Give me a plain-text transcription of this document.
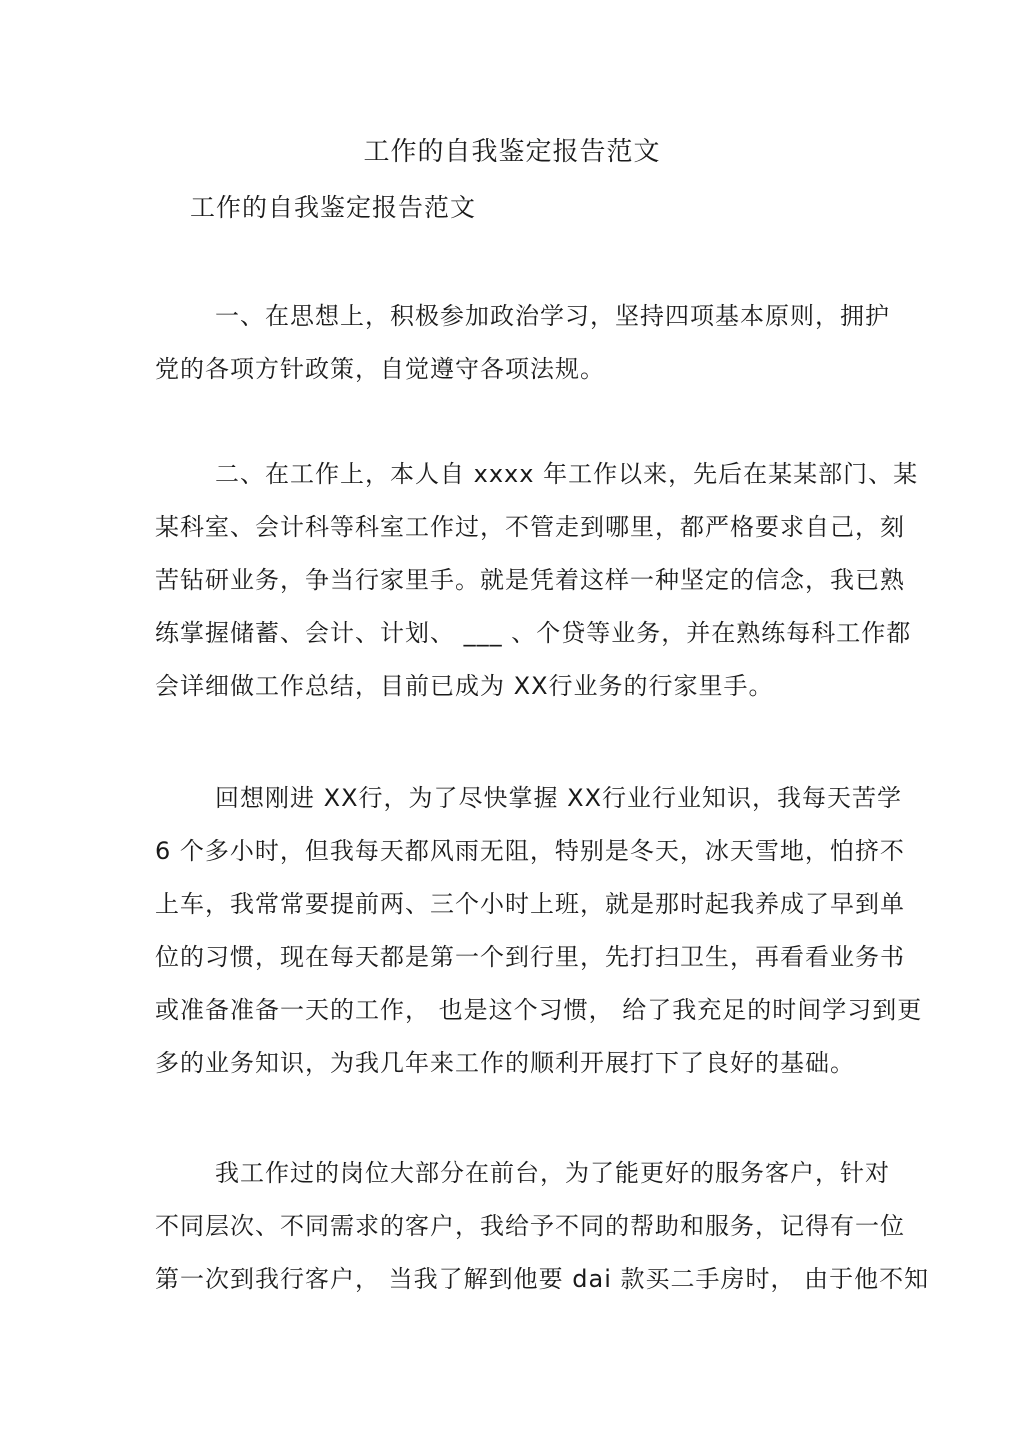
工作的自我鉴定报告范文
工作的自我鉴定报告范文
一、在思想上，积极参加政治学习，坚持四项基本原则，拥护
党的各项方针政策，自觉遵守各项法规。
二、在工作上，本人自 xxxx 年工作以来，先后在某某部门、某
某科室、会计科等科室工作过，不管走到哪里，都严格要求自己，刻
苦钻研业务，争当行家里手。就是凭着这样一种坚定的信念，我已熟
练掌握储蓄、会计、计划、 ___ 、个贷等业务，并在熟练每科工作都
会详细做工作总结，目前已成为 XX行业务的行家里手。
回想刚进 XX行，为了尽快掌握 XX行业行业知识，我每天苦学
6 个多小时，但我每天都风雨无阻，特别是冬天，冰天雪地，怕挤不
上车，我常常要提前两、三个小时上班，就是那时起我养成了早到单
位的习惯，现在每天都是第一个到行里，先打扫卫生，再看看业务书
或准备准备一天的工作， 也是这个习惯， 给了我充足的时间学习到更
多的业务知识，为我几年来工作的顺利开展打下了良好的基础。
我工作过的岗位大部分在前台，为了能更好的服务客户，针对
不同层次、不同需求的客户，我给予不同的帮助和服务，记得有一位
第一次到我行客户， 当我了解到他要 dai 款买二手房时， 由于他不知
